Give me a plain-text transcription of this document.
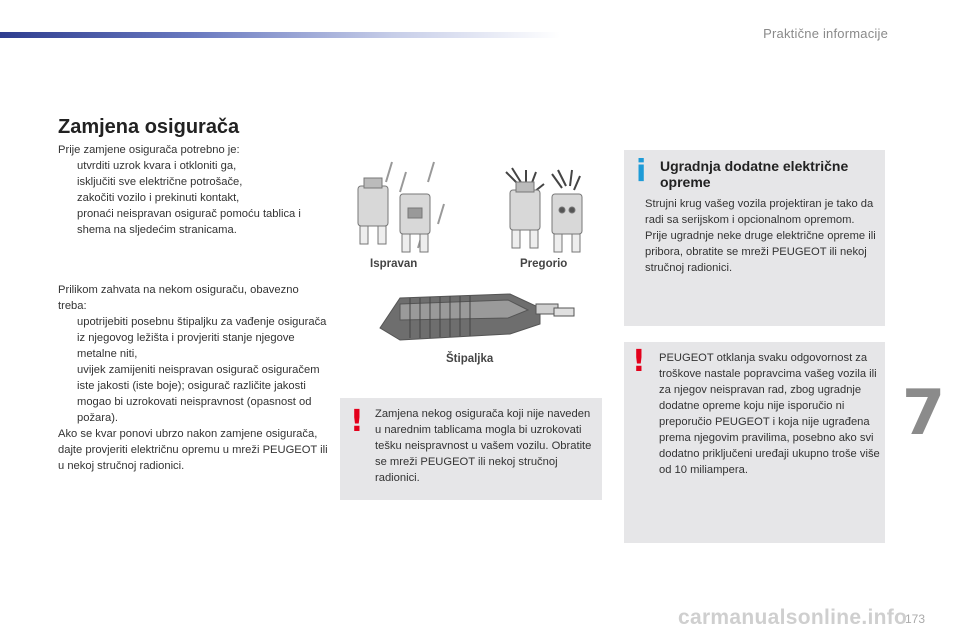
Praktične informacije
Zamjena osigurača

Prije zamjene osigurača potrebno je:

utvrditi uzrok kvara i otkloniti ga,
isključiti sve električne potrošače,
zakočiti vozilo i prekinuti kontakt,
pronaći neispravan osigurač pomoću tablica i shema na sljedećim stranicama.

Prilikom zahvata na nekom osiguraču, obavezno treba:

upotrijebiti posebnu štipaljku za vađenje osigurača iz njegovog ležišta i provjeriti stanje njegove metalne niti,
uvijek zamijeniti neispravan osigurač osiguračem iste jakosti (iste boje); osigurač različite jakosti mogao bi uzrokovati neispravnost (opasnost od požara).

Ako se kvar ponovi ubrzo nakon zamjene osigurača, dajte provjeriti električnu opremu u mreži PEUGEOT ili u nekoj stručnoj radionici.

Ispravan	Pregorio
Štipaljka
! Zamjena nekog osigurača koji nije naveden u narednim tablicama mogla bi uzrokovati tešku neispravnost u vašem vozilu. Obratite se mreži PEUGEOT ili nekoj stručnoj radionici.
i Ugradnja dodatne električne opreme
Strujni krug vašeg vozila projektiran je tako da radi sa serijskom i opcionalnom opremom.
Prije ugradnje neke druge električne opreme ili pribora, obratite se mreži PEUGEOT ili nekoj stručnoj radionici.
! PEUGEOT otklanja svaku odgovornost za troškove nastale popravcima vašeg vozila ili za njegov neispravan rad, zbog ugradnje dodatne opreme koju nije isporučio ni preporučio PEUGEOT i koja nije ugrađena prema njegovim pravilima, posebno ako svi dodatno priključeni uređaji ukupno troše više od 10 miliampera.
7
carmanualsonline.info
173
